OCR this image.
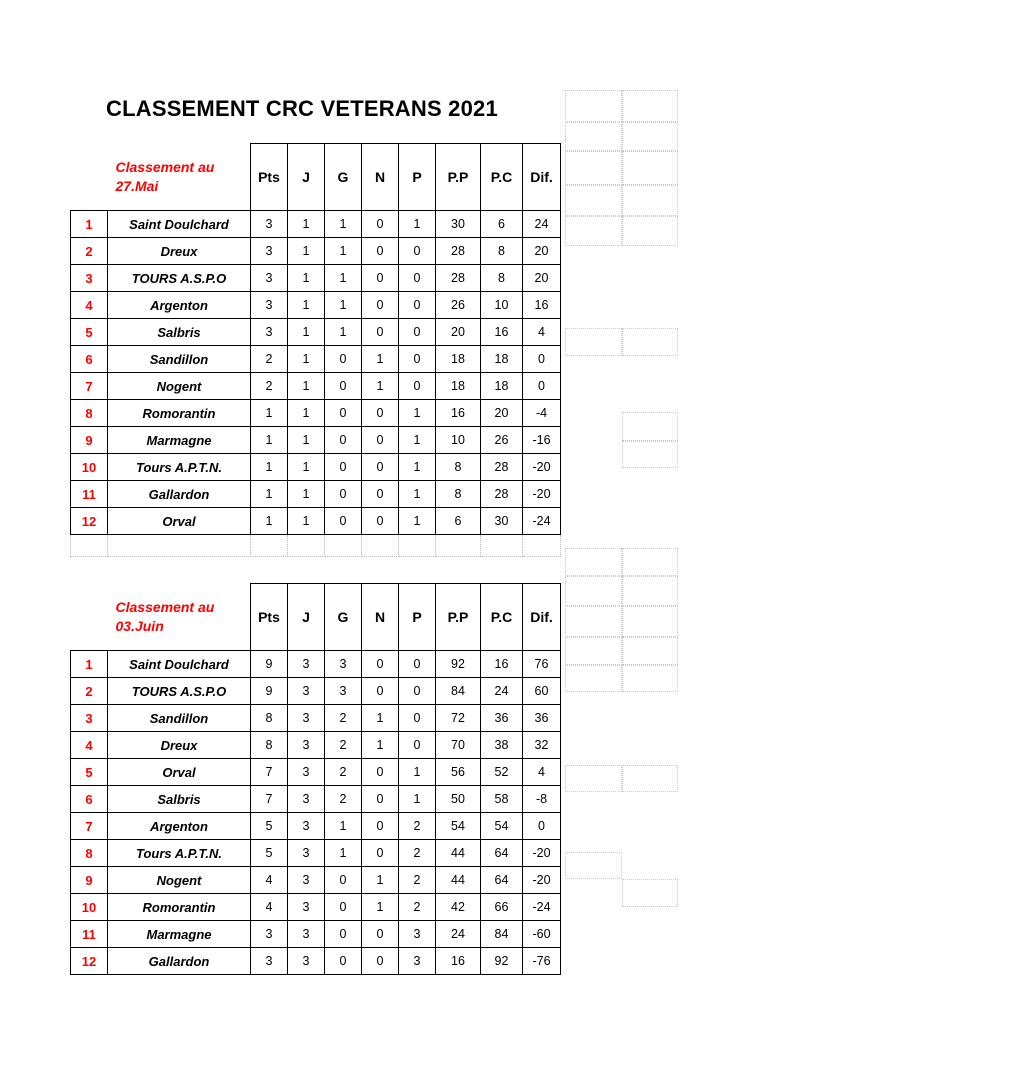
CLASSEMENT CRC VETERANS 2021
	Classement au 27.Mai	Pts	J	G	N	P	P.P	P.C	Dif.
1	Saint Doulchard	3	1	1	0	1	30	6	24
2	Dreux	3	1	1	0	0	28	8	20
3	TOURS A.S.P.O	3	1	1	0	0	28	8	20
4	Argenton	3	1	1	0	0	26	10	16
5	Salbris	3	1	1	0	0	20	16	4
6	Sandillon	2	1	0	1	0	18	18	0
7	Nogent	2	1	0	1	0	18	18	0
8	Romorantin	1	1	0	0	1	16	20	-4
9	Marmagne	1	1	0	0	1	10	26	-16
10	Tours A.P.T.N.	1	1	0	0	1	8	28	-20
11	Gallardon	1	1	0	0	1	8	28	-20
12	Orval	1	1	0	0	1	6	30	-24

	Classement au 03.Juin	Pts	J	G	N	P	P.P	P.C	Dif.
1	Saint Doulchard	9	3	3	0	0	92	16	76
2	TOURS A.S.P.O	9	3	3	0	0	84	24	60
3	Sandillon	8	3	2	1	0	72	36	36
4	Dreux	8	3	2	1	0	70	38	32
5	Orval	7	3	2	0	1	56	52	4
6	Salbris	7	3	2	0	1	50	58	-8
7	Argenton	5	3	1	0	2	54	54	0
8	Tours A.P.T.N.	5	3	1	0	2	44	64	-20
9	Nogent	4	3	0	1	2	44	64	-20
10	Romorantin	4	3	0	1	2	42	66	-24
11	Marmagne	3	3	0	0	3	24	84	-60
12	Gallardon	3	3	0	0	3	16	92	-76
